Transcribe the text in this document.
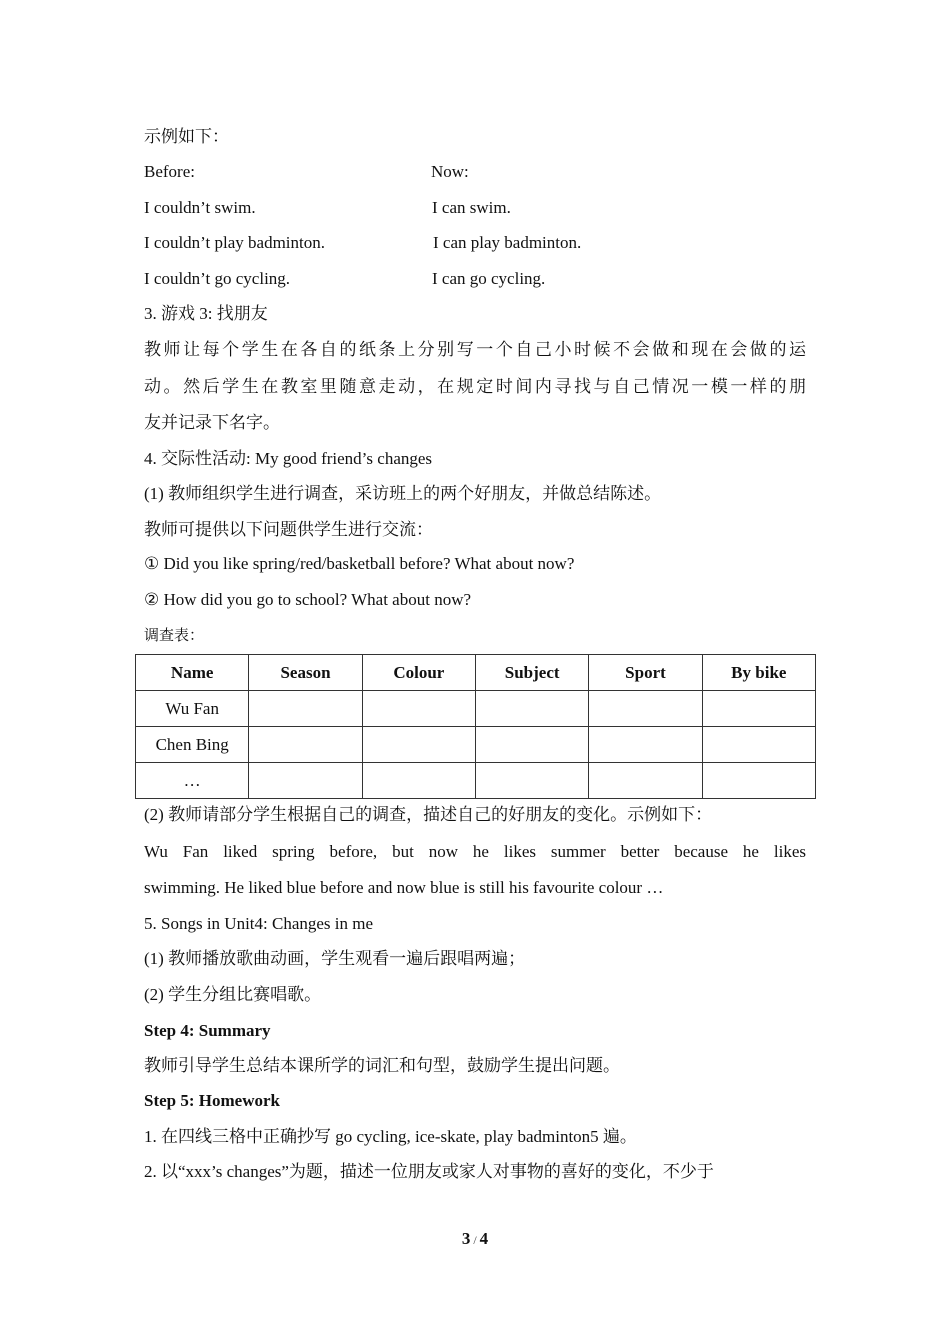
示例如下：
Before:	Now:
I couldn’t swim.	I can swim.
I couldn’t play badminton.	I can play badminton.
I couldn’t go cycling.	I can go cycling.
3. 游戏 3: 找朋友
教师让每个学生在各自的纸条上分别写一个自己小时候不会做和现在会做的运
动。然后学生在教室里随意走动，在规定时间内寻找与自己情况一模一样的朋
友并记录下名字。
4. 交际性活动: My good friend’s changes
(1) 教师组织学生进行调查，采访班上的两个好朋友，并做总结陈述。
教师可提供以下问题供学生进行交流：
① Did you like spring/red/basketball before? What about now?
② How did you go to school? What about now?
调查表：
Name	Season	Colour	Subject	Sport	By bike
Wu Fan					
Chen Bing					
…					
(2) 教师请部分学生根据自己的调查，描述自己的好朋友的变化。示例如下：
Wu Fan liked spring before, but now he likes summer better because he likes
swimming. He liked blue before and now blue is still his favourite colour …
5. Songs in Unit4: Changes in me
(1) 教师播放歌曲动画，学生观看一遍后跟唱两遍；
(2) 学生分组比赛唱歌。
Step 4: Summary
教师引导学生总结本课所学的词汇和句型，鼓励学生提出问题。
Step 5: Homework
1. 在四线三格中正确抄写 go cycling, ice-skate, play badminton5 遍。
2. 以“xxx’s changes”为题，描述一位朋友或家人对事物的喜好的变化，不少于
3 / 4
